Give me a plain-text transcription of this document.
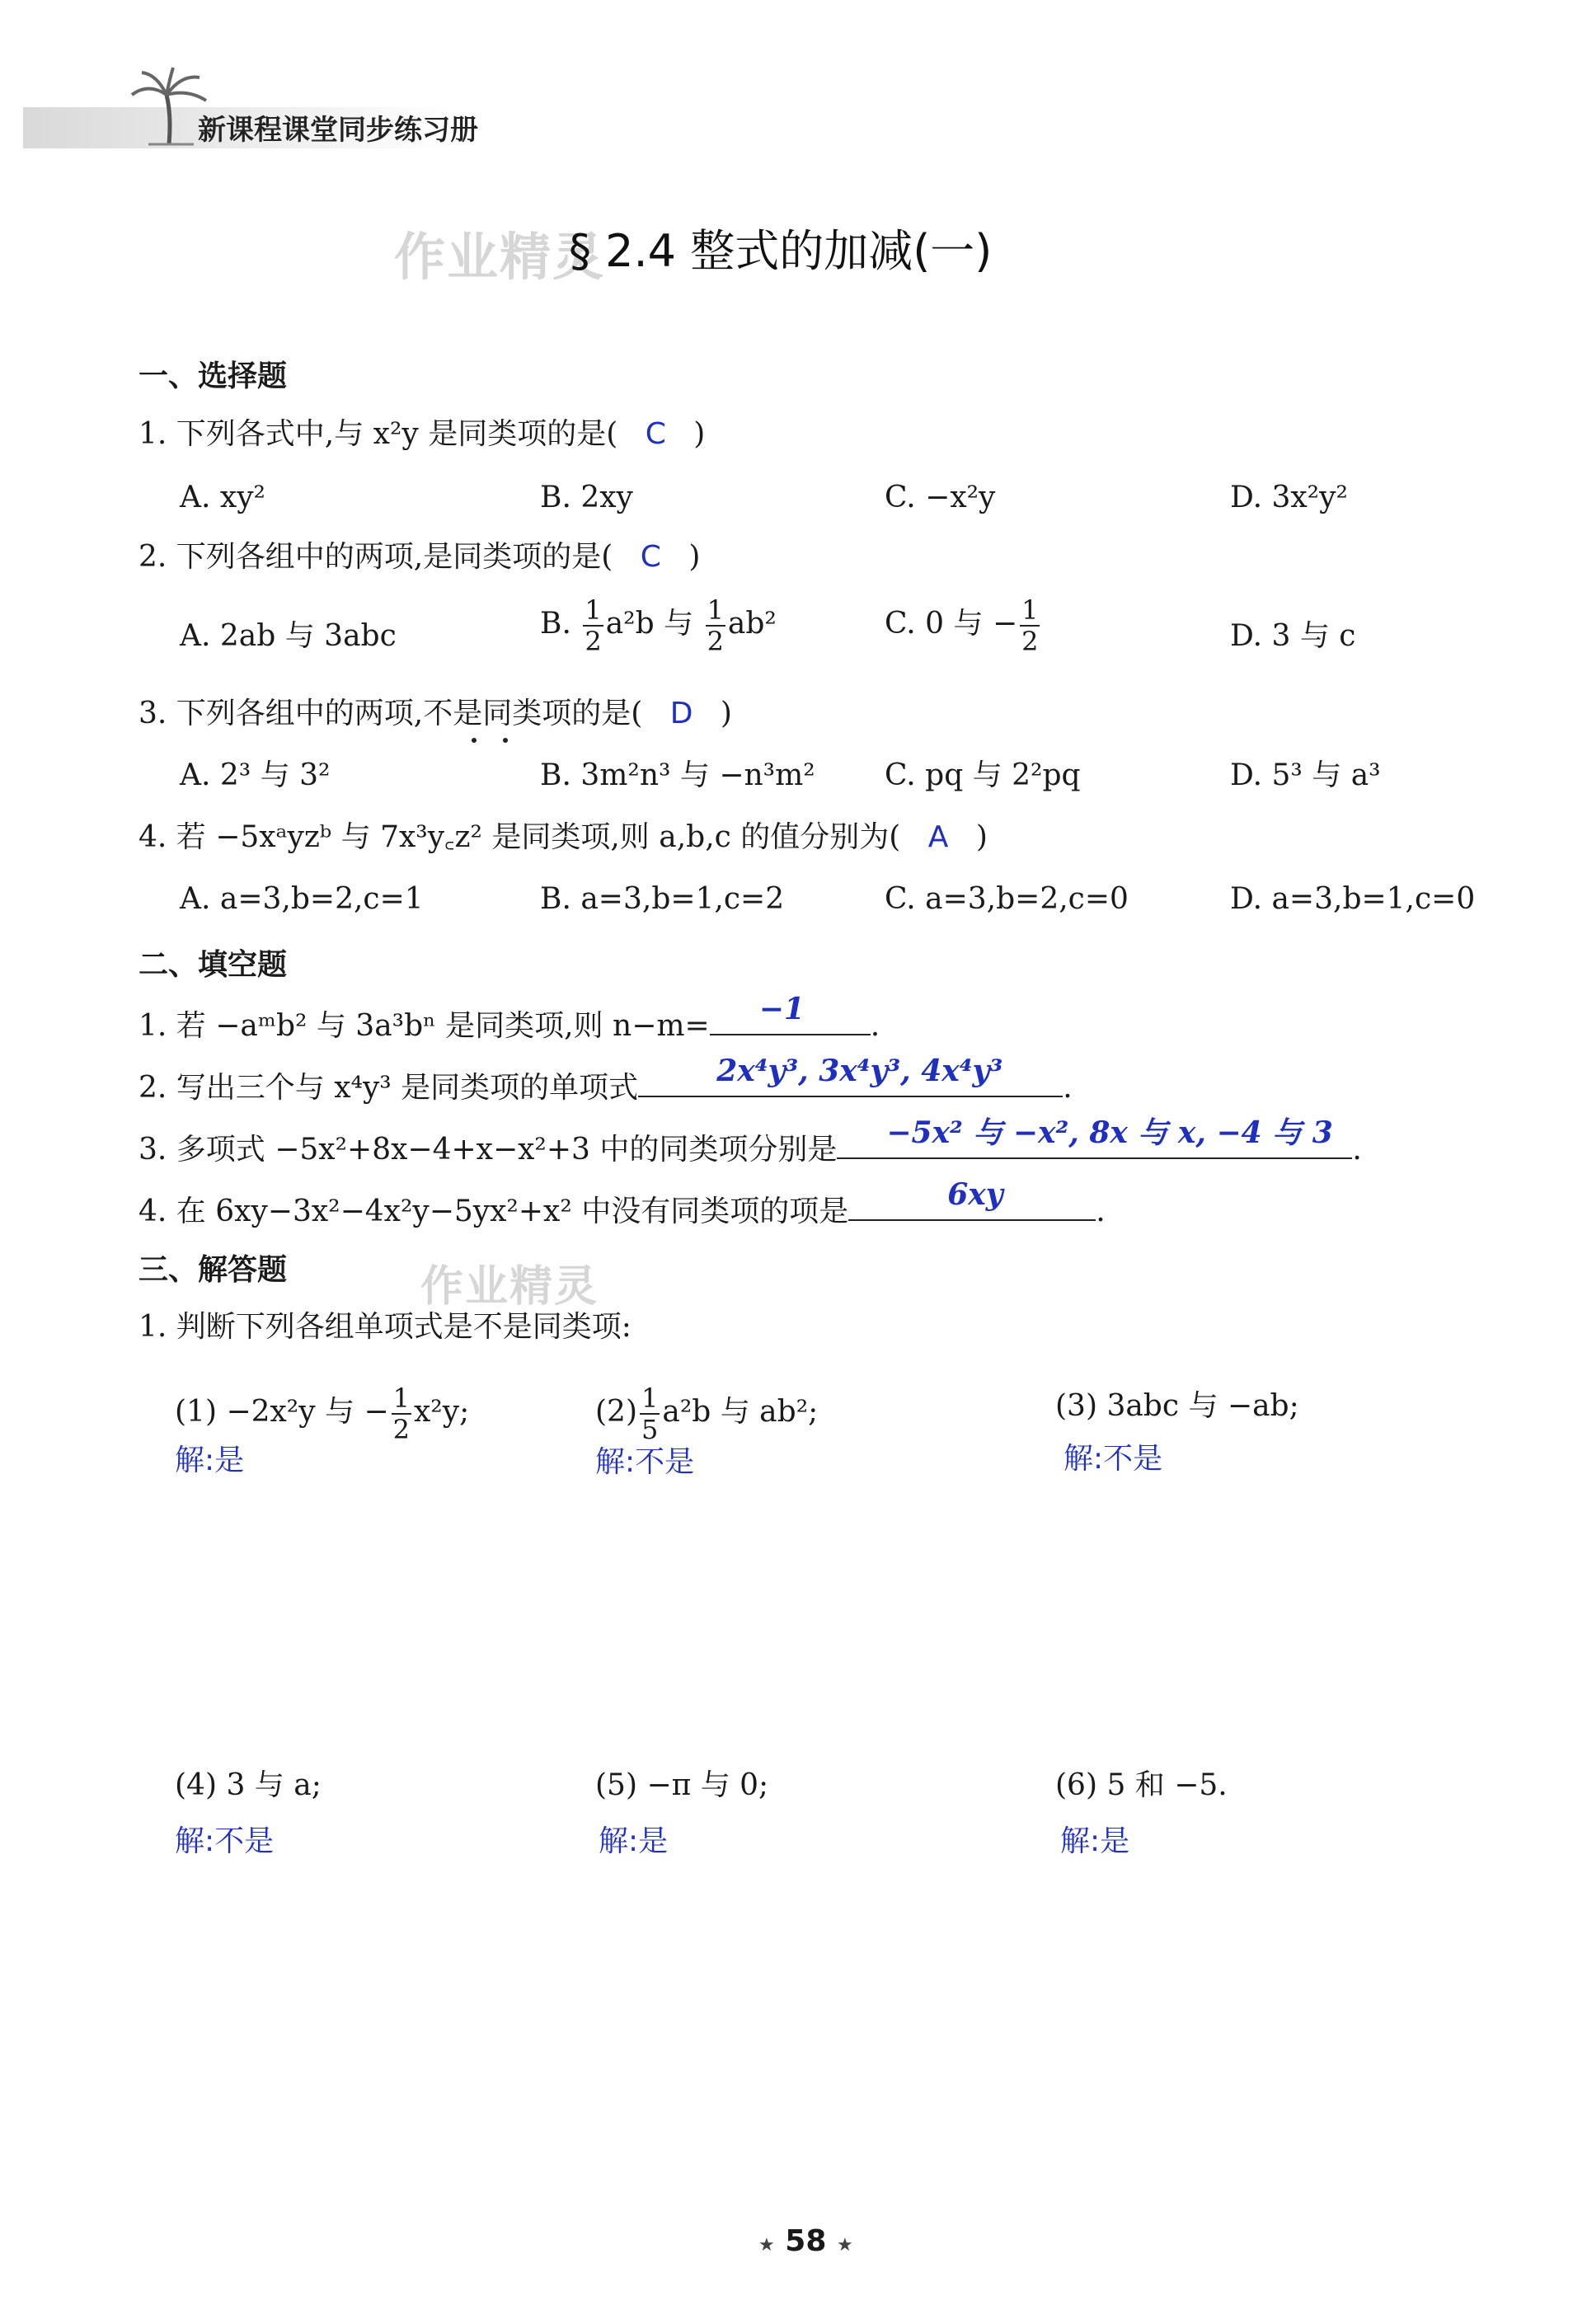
新课程课堂同步练习册
作业精灵
§ 2.4 整式的加减(一)
一、选择题
1. 下列各式中,与 x²y 是同类项的是( C )
A. xy²	B. 2xy	C. −x²y	D. 3x²y²
2. 下列各组中的两项,是同类项的是( C )
A. 2ab 与 3abc	B. $\frac{1}{2} a^2b$ 与 $\frac{1}{2} ab^2$	C. 0 与 − $\frac{1}{2}$	D. 3 与 c
3. 下列各组中的两项,不是同类项的是( D )
A. 2³ 与 3²	B. 3m²n³ 与 −n³m² C. pq 与 2²pq	D. 5³ 与 a³
4. 若 −5xᵃyzᵇ 与 7x³y꜀z² 是同类项,则 a,b,c 的值分别为( A )
A. a=3,b=2,c=1	B. a=3,b=1,c=2	C. a=3,b=2,c=0	D. a=3,b=1,c=0
二、填空题
1. 若 −aᵐb² 与 3a³bⁿ 是同类项,则 n−m= −1 .
2. 写出三个与 x⁴y³ 是同类项的单项式	2x⁴y³, 3x⁴y³, 4x⁴y³ .
3. 多项式 −5x²+8x−4+x−x²+3 中的同类项分别是 −5x² 与 −x², 8x 与 x, −4 与 3 .
4. 在 6xy−3x²−4x²y−5yx²+x² 中没有同类项的项是	6xy	.
三、解答题	作业精灵
1. 判断下列各组单项式是不是同类项:
(1) −2x²y 与 − $\frac{1}{2} x^2y$;
解:是
$(2) \frac{1}{5} a^2b$ 与 ab²;
解:不是
(3) 3abc 与 −ab;
解:不是
(4) 3 与 a;
解:不是
(5) −π 与 0;
解:是
(6) 5 和 −5.
解:是
★ 58 ★
